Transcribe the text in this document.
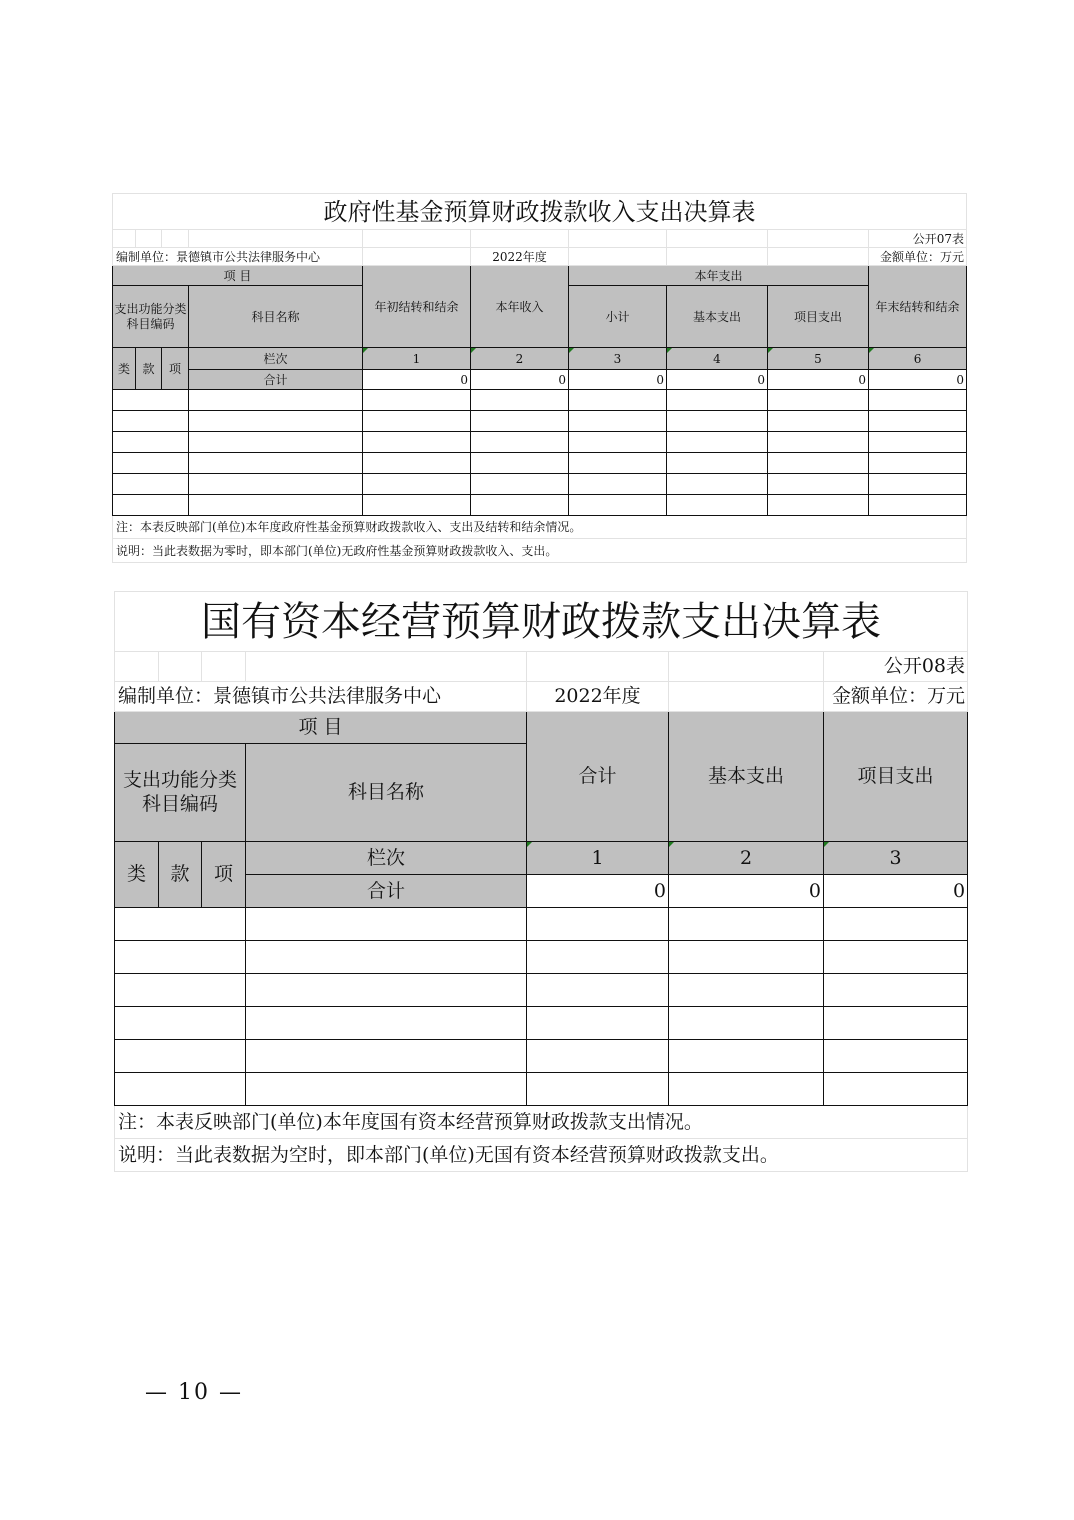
政府性基金预算财政拨款收入支出决算表									
									公开07表
编制单位：景德镇市公共法律服务中心					2022年度				金额单位：万元
项 目				年初结转和结余	本年收入	本年支出			年末结转和结余
支出功能分类科目编码			科目名称			小计	基本支出	项目支出	
类	款	项	栏次	1	2	3	4	5	6
			合计	0	0	0	0	0	0

注：本表反映部门(单位)本年度政府性基金预算财政拨款收入、支出及结转和结余情况。									
说明：当此表数据为零时，即本部门(单位)无政府性基金预算财政拨款收入、支出。									
国有资本经营预算财政拨款支出决算表						
						公开08表
编制单位：景德镇市公共法律服务中心				2022年度		金额单位：万元
项 目				合计	基本支出	项目支出
支出功能分类科目编码			科目名称			
类	款	项	栏次	1	2	3
			合计	0	0	0

注：本表反映部门(单位)本年度国有资本经营预算财政拨款支出情况。						
说明：当此表数据为空时，即本部门(单位)无国有资本经营预算财政拨款支出。						
— 10 —
